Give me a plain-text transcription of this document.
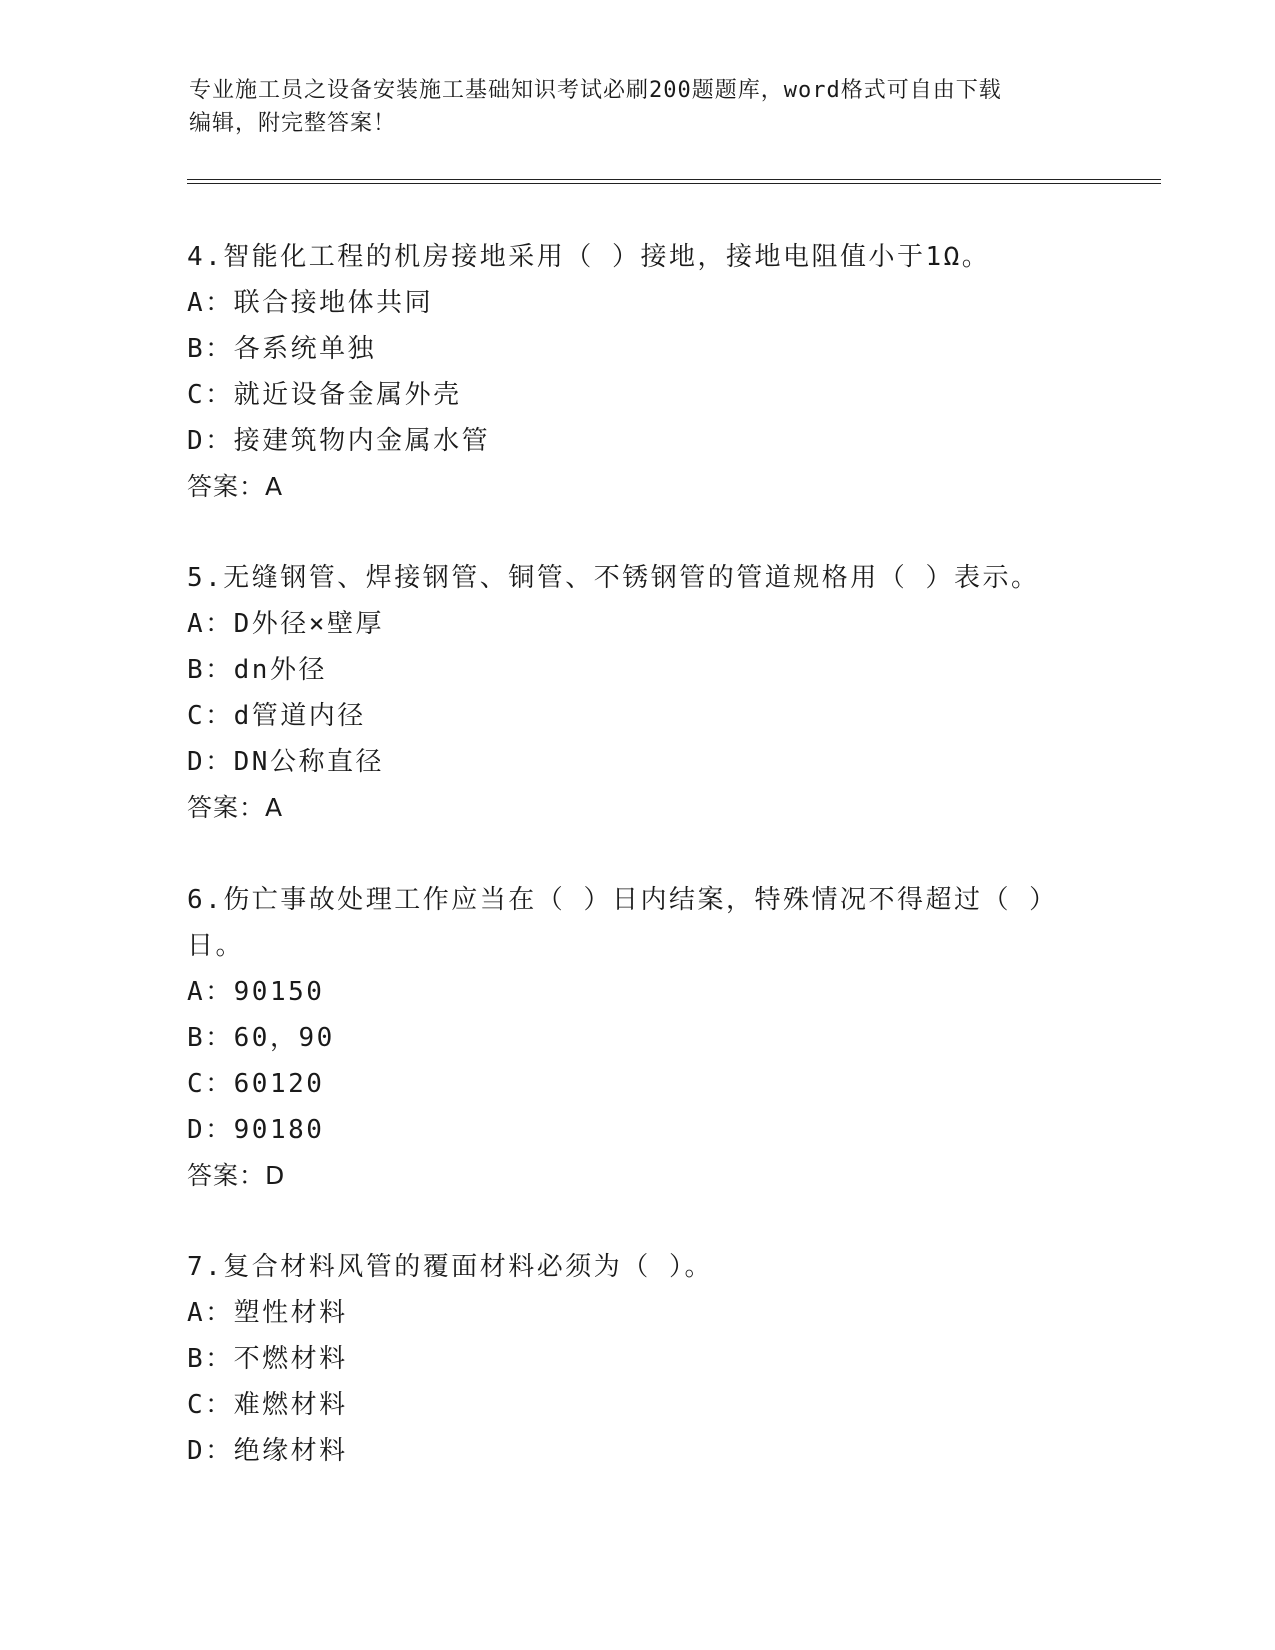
专业施工员之设备安装施工基础知识考试必刷200题题库，word格式可自由下载
编辑，附完整答案！

4.智能化工程的机房接地采用（ ）接地，接地电阻值小于1Ω。

A：联合接地体共同

B：各系统单独

C：就近设备金属外壳

D：接建筑物内金属水管

答案：A

5.无缝钢管、焊接钢管、铜管、不锈钢管的管道规格用（ ）表示。

A：D外径×壁厚

B：dn外径

C：d管道内径

D：DN公称直径

答案：A

6.伤亡事故处理工作应当在（ ）日内结案，特殊情况不得超过（ ）

日。

A：90150

B：60，90

C：60120

D：90180

答案：D

7.复合材料风管的覆面材料必须为（ ）。

A：塑性材料

B：不燃材料

C：难燃材料

D：绝缘材料
